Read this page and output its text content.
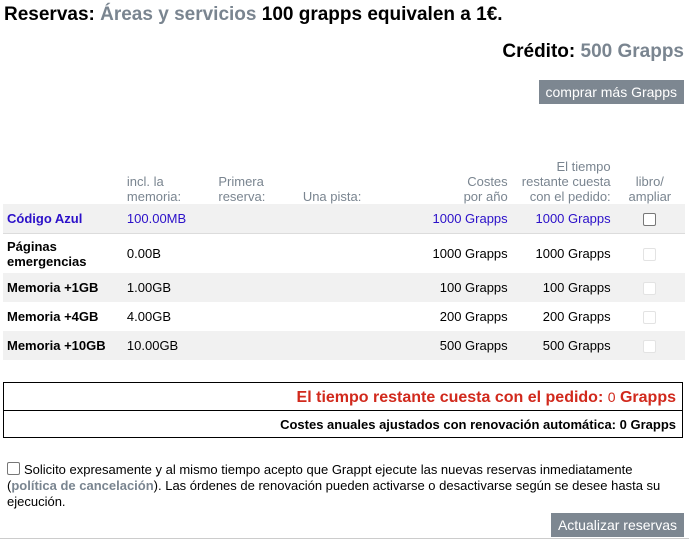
Reservas: Áreas y servicios 100 grapps equivalen a 1€.
Crédito: 500 Grapps
comprar más Grapps
	incl. la
memoria:	Primera
reserva:	Una pista:	Costes
por año	El tiempo
restante cuesta
con el pedido:	libro/
ampliar
Código Azul	100.00MB			1000 Grapps	1000 Grapps	
Páginas emergencias	0.00B			1000 Grapps	1000 Grapps	
Memoria +1GB	1.00GB			100 Grapps	100 Grapps	
Memoria +4GB	4.00GB			200 Grapps	200 Grapps	
Memoria +10GB	10.00GB			500 Grapps	500 Grapps	
El tiempo restante cuesta con el pedido: 0 Grapps
Costes anuales ajustados con renovación automática: 0 Grapps
Solicito expresamente y al mismo tiempo acepto que Grappt ejecute las nuevas reservas inmediatamente (política de cancelación). Las órdenes de renovación pueden activarse o desactivarse según se desee hasta su ejecución.
Actualizar reservas
